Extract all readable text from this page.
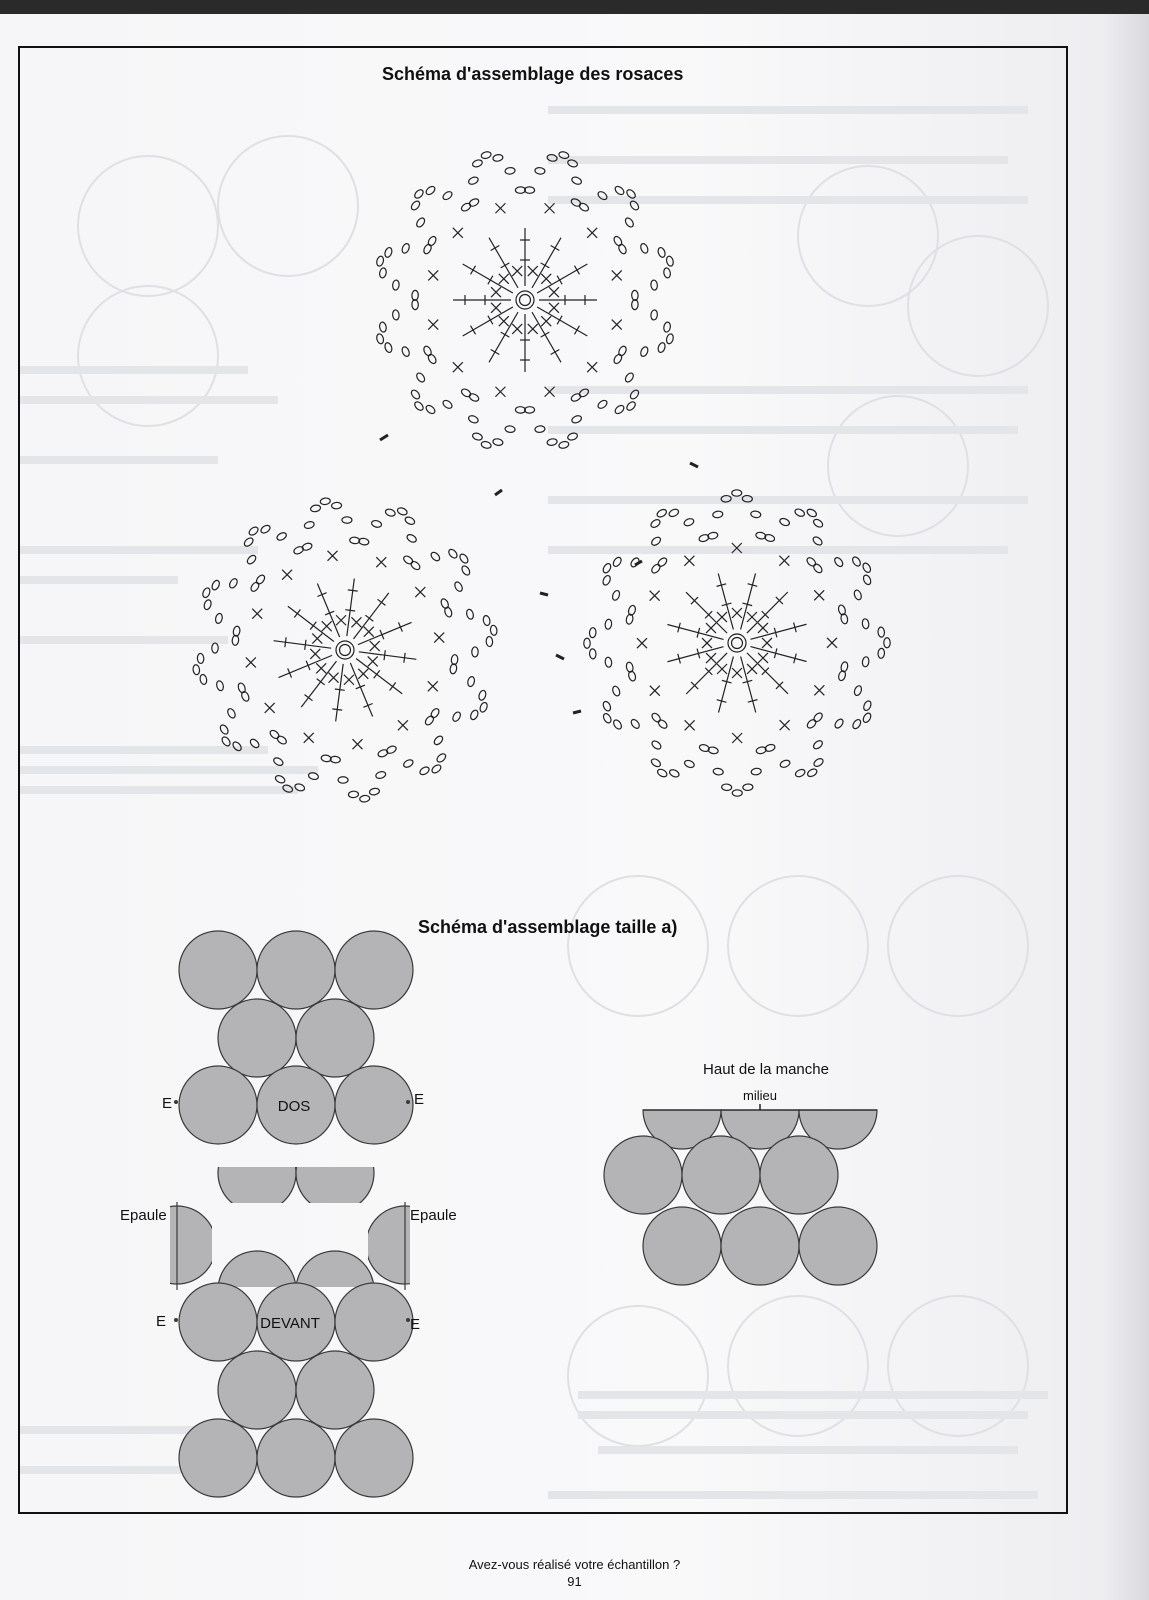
Schéma d'assemblage des rosaces
Schéma d'assemblage taille a)
DOS
DEVANT
E	E
E	E
Epaule	Epaule
Haut de la manche
milieu
Avez-vous réalisé votre échantillon ?
91
